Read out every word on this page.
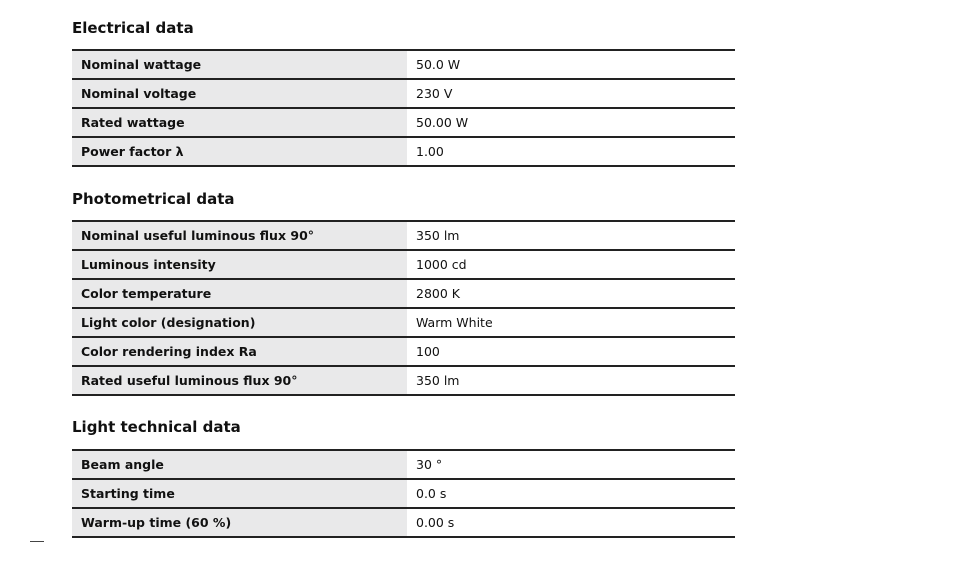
Electrical data
Nominal wattage	50.0 W
Nominal voltage	230 V
Rated wattage	50.00 W
Power factor λ	1.00
Photometrical data
Nominal useful luminous flux 90°	350 lm
Luminous intensity	1000 cd
Color temperature	2800 K
Light color (designation)	Warm White
Color rendering index Ra	100
Rated useful luminous flux 90°	350 lm
Light technical data
Beam angle	30 °
Starting time	0.0 s
Warm-up time (60 %)	0.00 s
